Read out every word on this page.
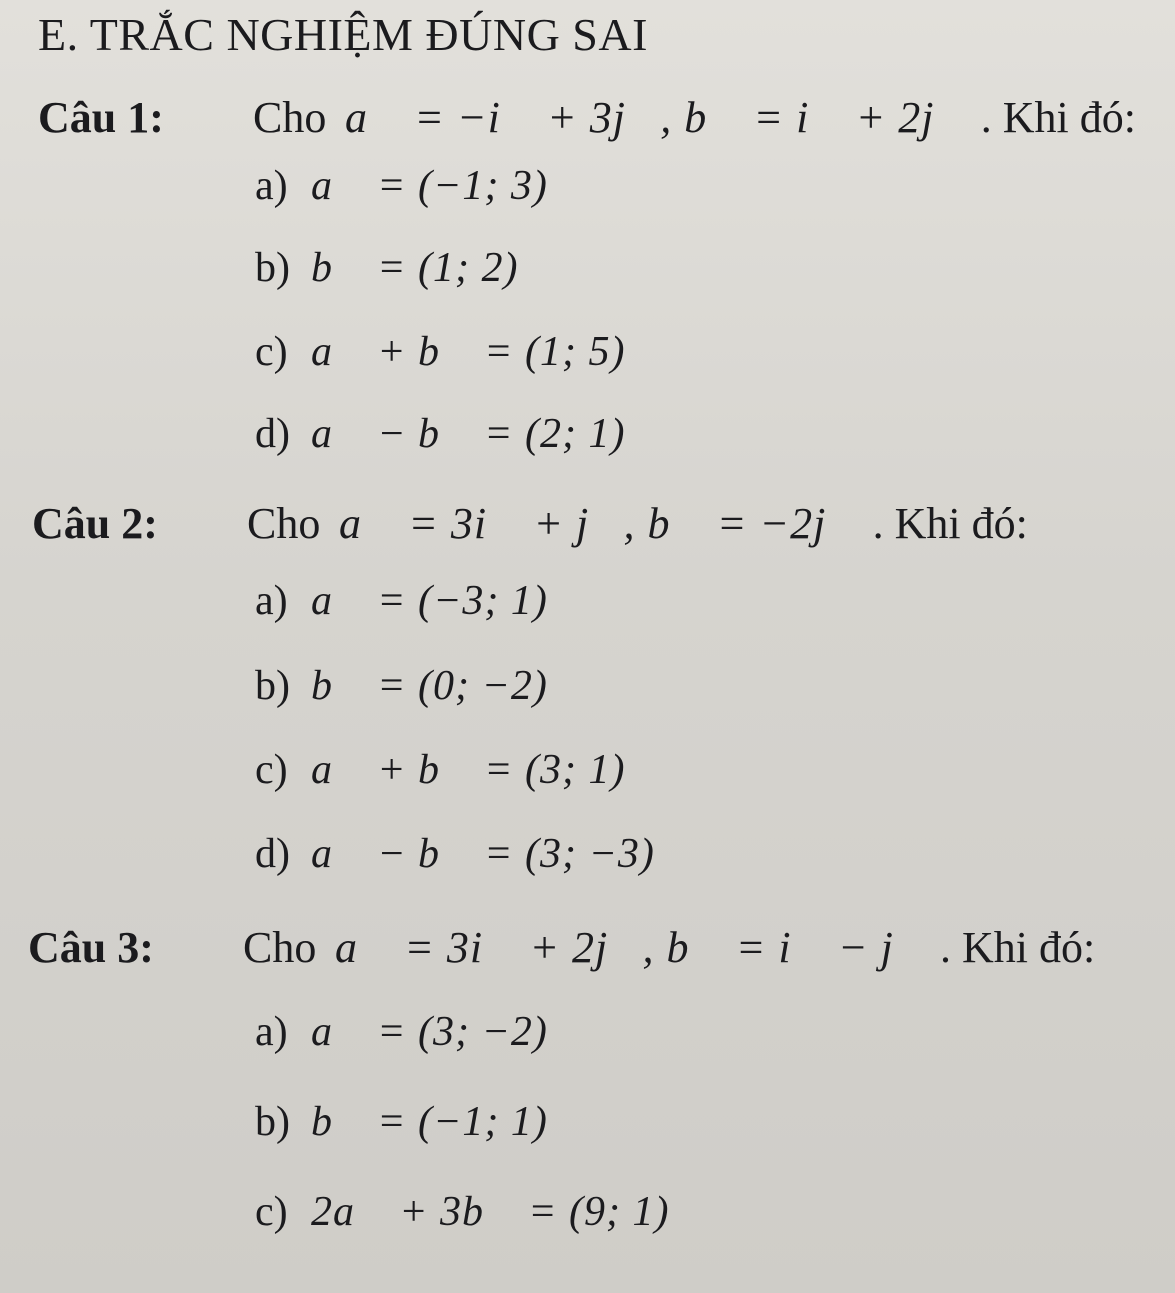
E. TRẮC NGHIỆM ĐÚNG SAI
Câu 1:	Cho a⃗ = −i⃗ + 3j⃗, b⃗ = i⃗ + 2j⃗ . Khi đó:
a) a⃗ = (−1; 3)
b) b⃗ = (1; 2)
c) a⃗ + b⃗ = (1; 5)
d) a⃗ − b⃗ = (2; 1)
Câu 2:	Cho a⃗ = 3i⃗ + j⃗, b⃗ = −2j⃗ . Khi đó:
a) a⃗ = (−3; 1)
b) b⃗ = (0; −2)
c) a⃗ + b⃗ = (3; 1)
d) a⃗ − b⃗ = (3; −3)
Câu 3:	Cho a⃗ = 3i⃗ + 2j⃗, b⃗ = i⃗ − j⃗ . Khi đó:
a) a⃗ = (3; −2)
b) b⃗ = (−1; 1)
c) 2a⃗ + 3b⃗ = (9; 1)
